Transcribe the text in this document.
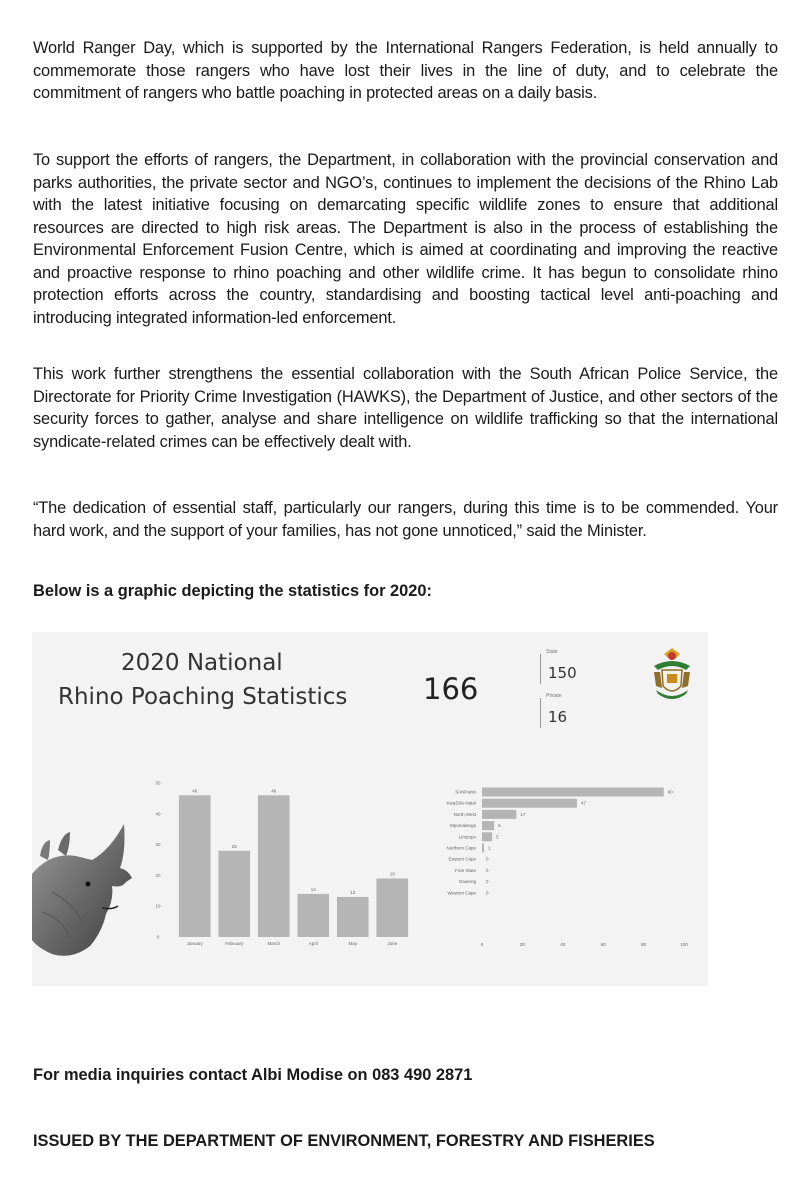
World Ranger Day, which is supported by the International Rangers Federation, is held annually to commemorate those rangers who have lost their lives in the line of duty, and to celebrate the commitment of rangers who battle poaching in protected areas on a daily basis.

To support the efforts of rangers, the Department, in collaboration with the provincial conservation and parks authorities, the private sector and NGO’s, continues to implement the decisions of the Rhino Lab with the latest initiative focusing on demarcating specific wildlife zones to ensure that additional resources are directed to high risk areas. The Department is also in the process of establishing the Environmental Enforcement Fusion Centre, which is aimed at coordinating and improving the reactive and proactive response to rhino poaching and other wildlife crime. It has begun to consolidate rhino protection efforts across the country, standardising and boosting tactical level anti-poaching and introducing integrated information-led enforcement.

This work further strengthens the essential collaboration with the South African Police Service, the Directorate for Priority Crime Investigation (HAWKS), the Department of Justice, and other sectors of the security forces to gather, analyse and share intelligence on wildlife trafficking so that the international syndicate-related crimes can be effectively dealt with.

“The dedication of essential staff, particularly our rangers, during this time is to be commended. Your hard work, and the support of your families, has not gone unnoticed,” said the Minister.

Below is a graphic depicting the statistics for 2020:

2020 National
Rhino Poaching Statistics	166
State
150
Private
16
0
10
20
30
40
50
46
January
28
February
46
March
14
April
13
May
19
June
SANParks	90
KwaZulu-Natal	47
North West	17
Mpumalanga	6
Limpopo	5
Northern Cape	1
Eastern Cape 0
Free State 0
Gauteng 0
Western Cape 0
0	20	40	60	80	100

For media inquiries contact Albi Modise on 083 490 2871

ISSUED BY THE DEPARTMENT OF ENVIRONMENT, FORESTRY AND FISHERIES
